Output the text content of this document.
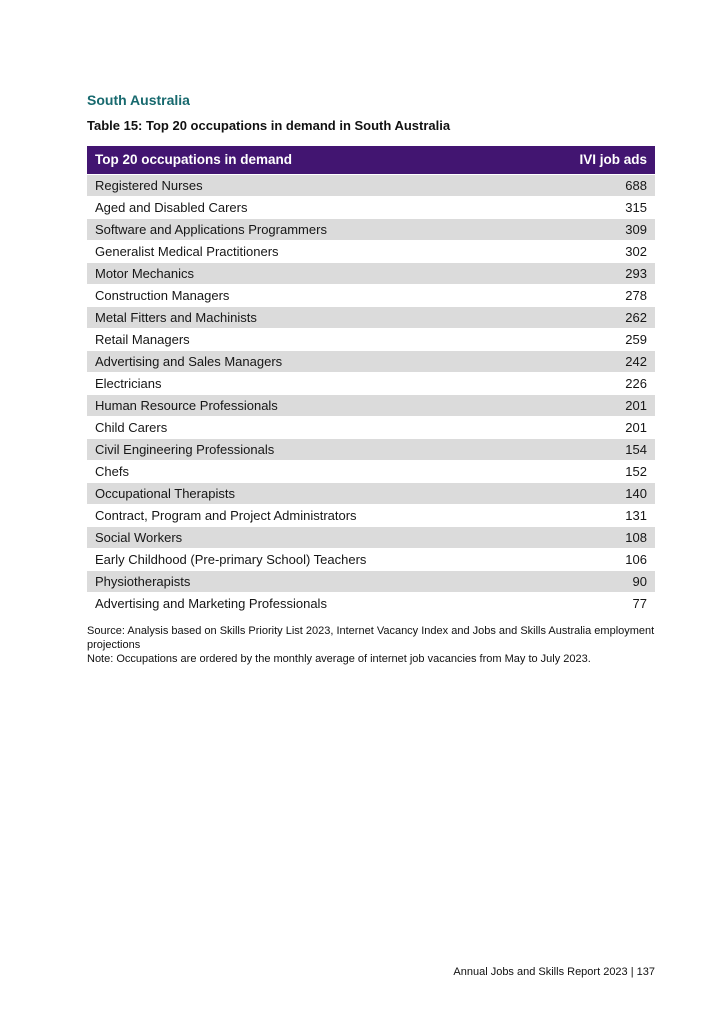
South Australia
Table 15: Top 20 occupations in demand in South Australia
Top 20 occupations in demand	IVI job ads
Registered Nurses	688
Aged and Disabled Carers	315
Software and Applications Programmers	309
Generalist Medical Practitioners	302
Motor Mechanics	293
Construction Managers	278
Metal Fitters and Machinists	262
Retail Managers	259
Advertising and Sales Managers	242
Electricians	226
Human Resource Professionals	201
Child Carers	201
Civil Engineering Professionals	154
Chefs	152
Occupational Therapists	140
Contract, Program and Project Administrators	131
Social Workers	108
Early Childhood (Pre-primary School) Teachers	106
Physiotherapists	90
Advertising and Marketing Professionals	77
Source: Analysis based on Skills Priority List 2023, Internet Vacancy Index and Jobs and Skills Australia employment projections
Note: Occupations are ordered by the monthly average of internet job vacancies from May to July 2023.
Annual Jobs and Skills Report 2023 | 137
